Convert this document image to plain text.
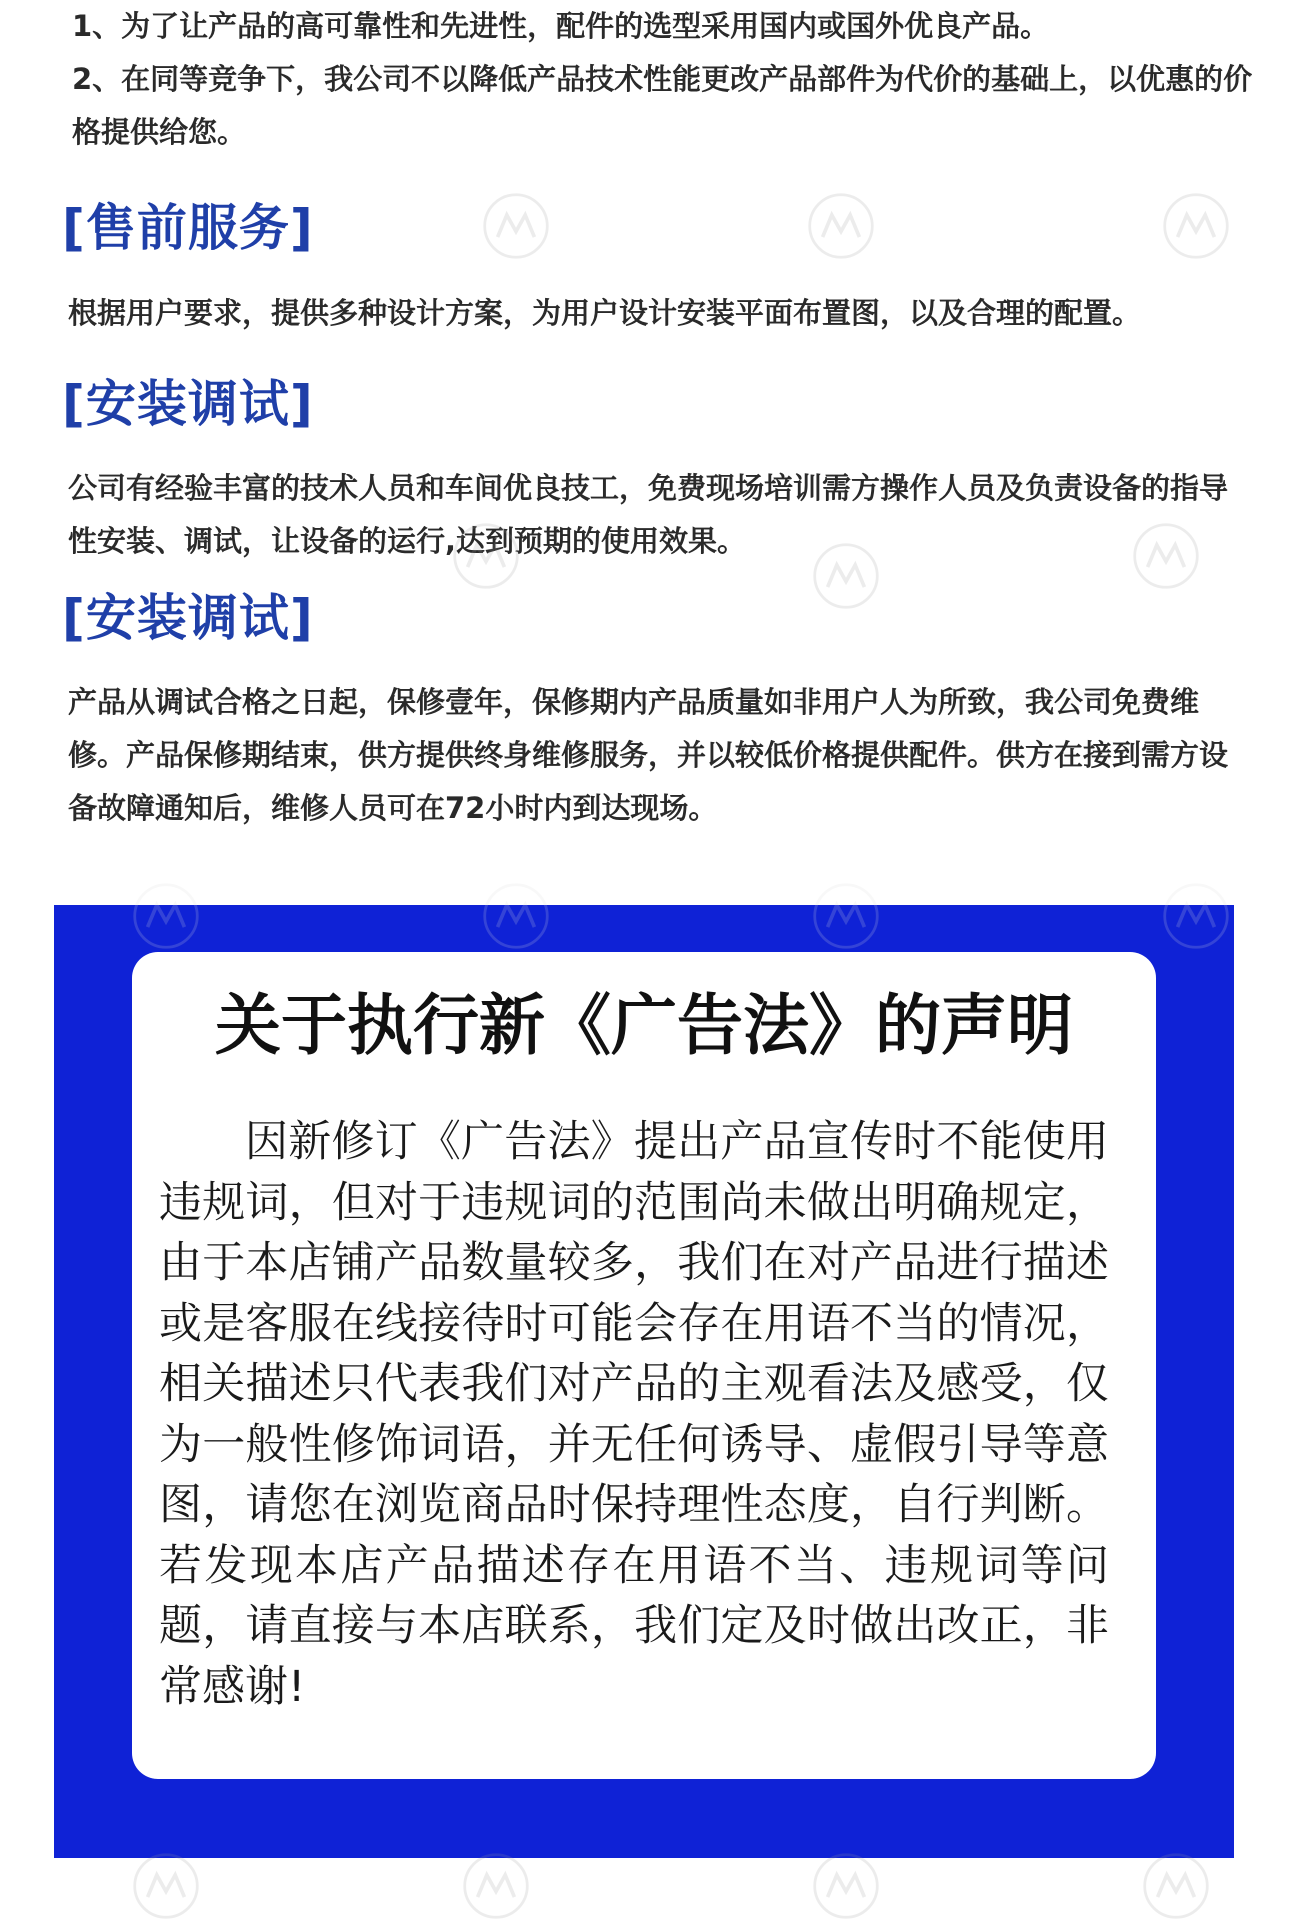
1、为了让产品的高可靠性和先进性，配件的选型采用国内或国外优良产品。

2、在同等竞争下，我公司不以降低产品技术性能更改产品部件为代价的基础上，以优惠的价格提供给您。

[售前服务]

根据用户要求，提供多种设计方案，为用户设计安装平面布置图，以及合理的配置。

[安装调试]

公司有经验丰富的技术人员和车间优良技工，免费现场培训需方操作人员及负责设备的指导性安装、调试，让设备的运行,达到预期的使用效果。

[安装调试]

产品从调试合格之日起，保修壹年，保修期内产品质量如非用户人为所致，我公司免费维修。产品保修期结束，供方提供终身维修服务，并以较低价格提供配件。供方在接到需方设备故障通知后，维修人员可在72小时内到达现场。

关于执行新《广告法》的声明

因新修订《广告法》提出产品宣传时不能使用违规词，但对于违规词的范围尚未做出明确规定，由于本店铺产品数量较多，我们在对产品进行描述或是客服在线接待时可能会存在用语不当的情况，相关描述只代表我们对产品的主观看法及感受，仅为一般性修饰词语，并无任何诱导、虚假引导等意图，请您在浏览商品时保持理性态度，自行判断。若发现本店产品描述存在用语不当、违规词等问题，请直接与本店联系，我们定及时做出改正，非常感谢!
